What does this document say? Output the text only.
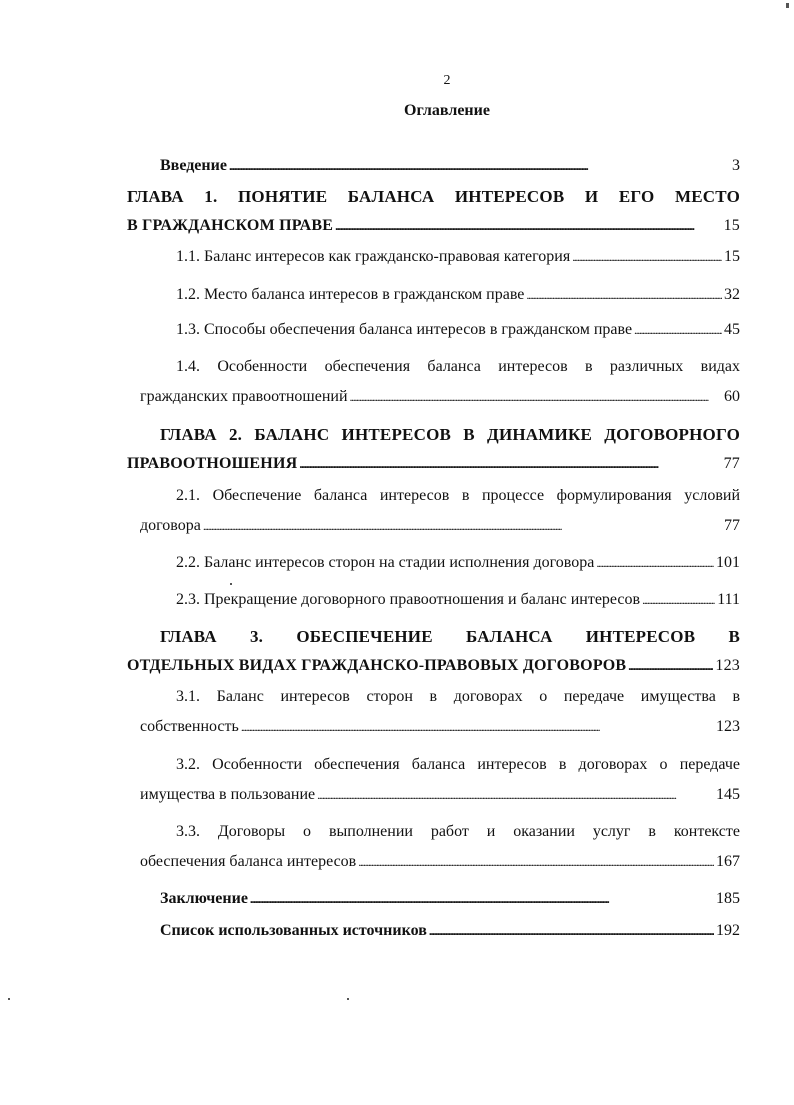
2
Оглавление
Введение . . .	3
ГЛАВА 1. ПОНЯТИЕ БАЛАНСА ИНТЕРЕСОВ И ЕГО МЕСТО
В ГРАЖДАНСКОМ ПРАВЕ . . .	15
1.1. Баланс интересов как гражданско-правовая категория . . .	15
1.2. Место баланса интересов в гражданском праве . . .	32
1.3. Способы обеспечения баланса интересов в гражданском праве . . .	45
1.4. Особенности обеспечения баланса интересов в различных видах
гражданских правоотношений . . .	60
ГЛАВА 2. БАЛАНС ИНТЕРЕСОВ В ДИНАМИКЕ ДОГОВОРНОГО
ПРАВООТНОШЕНИЯ . . .	77
2.1. Обеспечение баланса интересов в процессе формулирования условий
договора . . .	77
2.2. Баланс интересов сторон на стадии исполнения договора . . .	101
2.3. Прекращение договорного правоотношения и баланс интересов . . .	111
ГЛАВА 3. ОБЕСПЕЧЕНИЕ БАЛАНСА ИНТЕРЕСОВ В
ОТДЕЛЬНЫХ ВИДАХ ГРАЖДАНСКО-ПРАВОВЫХ ДОГОВОРОВ . . .	123
3.1. Баланс интересов сторон в договорах о передаче имущества в
собственность . . .	123
3.2. Особенности обеспечения баланса интересов в договорах о передаче
имущества в пользование . . .	145
3.3. Договоры о выполнении работ и оказании услуг в контексте
обеспечения баланса интересов . . .	167
Заключение . . .	185
Список использованных источников . . .	192
